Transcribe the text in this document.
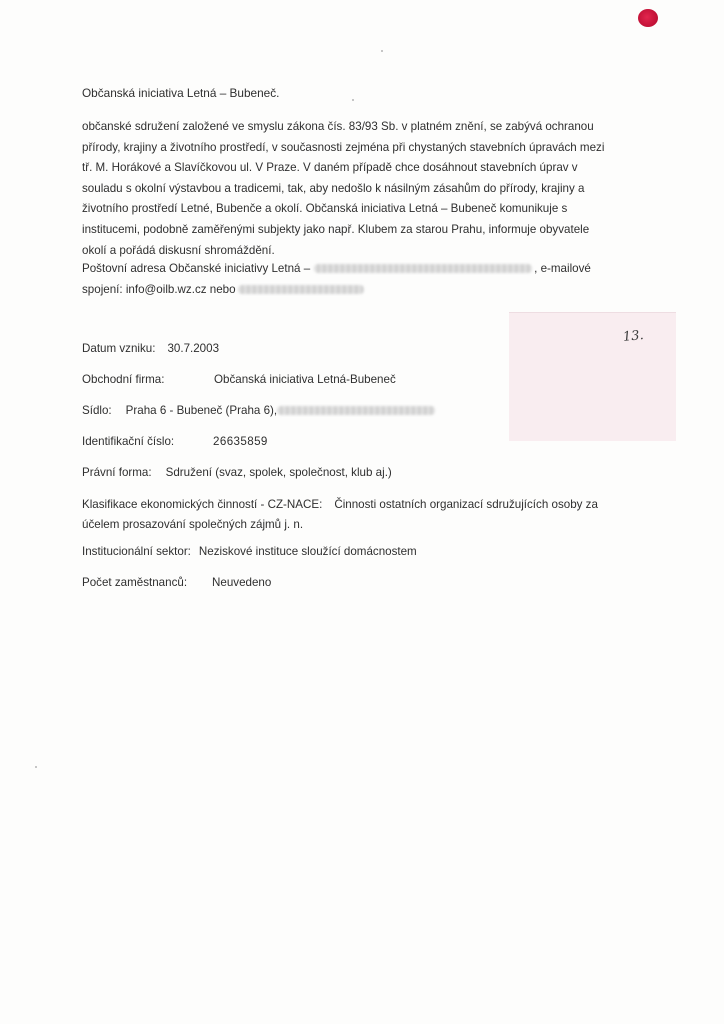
Občanská iniciativa Letná – Bubeneč.
občanské sdružení založené ve smyslu zákona čís. 83/93 Sb. v platném znění, se zabývá ochranou
přírody, krajiny a životního prostředí, v současnosti zejména při chystaných stavebních úpravách mezi
tř. M. Horákové a Slavíčkovou ul. V Praze. V daném případě chce dosáhnout stavebních úprav v
souladu s okolní výstavbou a tradicemi, tak, aby nedošlo k násilným zásahům do přírody, krajiny a
životního prostředí Letné, Bubenče a okolí. Občanská iniciativa Letná – Bubeneč komunikuje s
institucemi, podobně zaměřenými subjekty jako např. Klubem za starou Prahu, informuje obyvatele
okolí a pořádá diskusní shromáždění.
Poštovní adresa Občanské iniciativy Letná –	, e-mailové
spojení: info@oilb.wz.cz nebo
13.
Datum vzniku: 30.7.2003
Obchodní firma:	Občanská iniciativa Letná-Bubeneč
Sídlo: Praha 6 - Bubeneč (Praha 6),
Identifikační číslo:	26635859
Právní forma: Sdružení (svaz, spolek, společnost, klub aj.)
Klasifikace ekonomických činností - CZ-NACE: Činnosti ostatních organizací sdružujících osoby za
účelem prosazování společných zájmů j. n.
Institucionální sektor: Neziskové instituce sloužící domácnostem
Počet zaměstnanců: Neuvedeno
